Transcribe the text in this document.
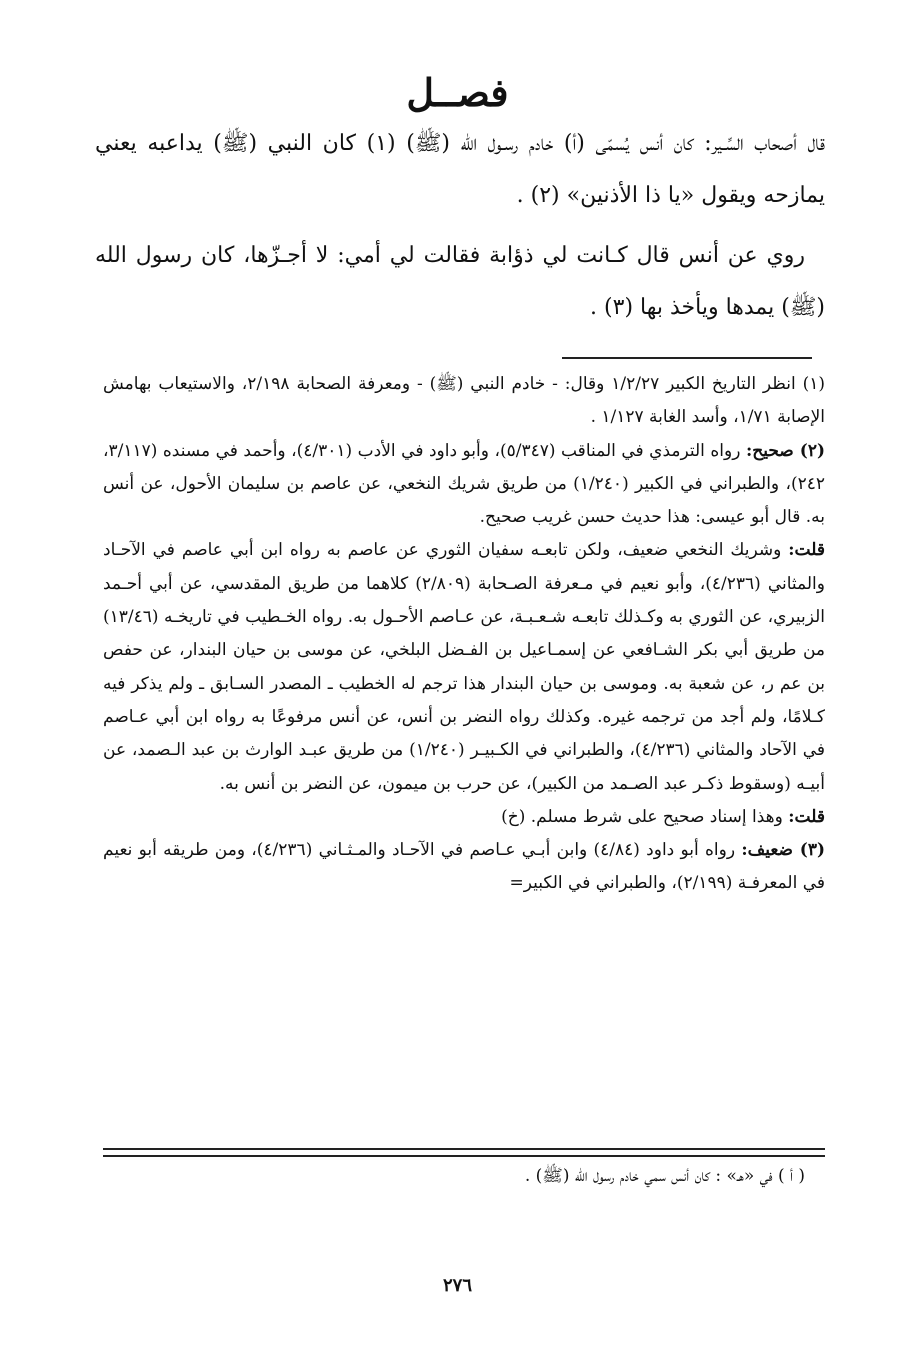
فصــل

قال أصحاب السِّـير: كان أنس يُسمّى (أ) خادم رسـول الله (ﷺ) (١) كان النبي (ﷺ) يداعبه يعني يمازحه ويقول «يا ذا الأذنين» (٢) .

روي عن أنس قال كـانت لي ذؤابة فقالت لي أمي: لا أجـزّها، كان رسول الله (ﷺ) يمدها ويأخذ بها (٣) .

(١) انظر التاريخ الكبير ١/٢/٢٧ وقال: - خادم النبي (ﷺ) - ومعرفة الصحابة ٢/١٩٨، والاستيعاب بهامش الإصابة ١/٧١، وأسد الغابة ١/١٢٧ .

(٢) صحيح: رواه الترمذي في المناقب (٥/٣٤٧)، وأبو داود في الأدب (٤/٣٠١)، وأحمد في مسنده (٣/١١٧، ٢٤٢)، والطبراني في الكبير (١/٢٤٠) من طريق شريك النخعي، عن عاصم بن سليمان الأحول، عن أنس به. قال أبو عيسى: هذا حديث حسن غريب صحيح.

قلت: وشريك النخعي ضعيف، ولكن تابعـه سفيان الثوري عن عاصم به رواه ابن أبي عاصم في الآحـاد والمثاني (٤/٢٣٦)، وأبو نعيم في مـعرفة الصـحابة (٢/٨٠٩) كلاهما من طريق المقدسي، عن أبي أحـمد الزبيري، عن الثوري به وكـذلك تابعـه شـعـبـة، عن عـاصم الأحـول به. رواه الخـطيب في تاريخـه (١٣/٤٦) من طريق أبي بكر الشـافعي عن إسمـاعيل بن الفـضل البلخي، عن موسى بن حيان البندار، عن حفص بن عم ر، عن شعبة به. وموسى بن حيان البندار هذا ترجم له الخطيب ـ المصدر السـابق ـ ولم يذكر فيه كـلامًا، ولم أجد من ترجمه غيره. وكذلك رواه النضر بن أنس، عن أنس مرفوعًا به رواه ابن أبي عـاصم في الآحاد والمثاني (٤/٢٣٦)، والطبراني في الكـبيـر (١/٢٤٠) من طريق عبـد الوارث بن عبد الـصمد، عن أبيـه (وسقوط ذكـر عبد الصـمد من الكبير)، عن حرب بن ميمون، عن النضر بن أنس به.

قلت: وهذا إسناد صحيح على شرط مسلم. (خ)

(٣) ضعيف: رواه أبو داود (٤/٨٤) وابن أبـي عـاصم في الآحـاد والمـثـاني (٤/٢٣٦)، ومن طريقه أبو نعيم في المعرفـة (٢/١٩٩)، والطبراني في الكبير=

( أ ) في «هـ» : كان أنس سمي خادم رسول الله (ﷺ) .
٢٧٦
